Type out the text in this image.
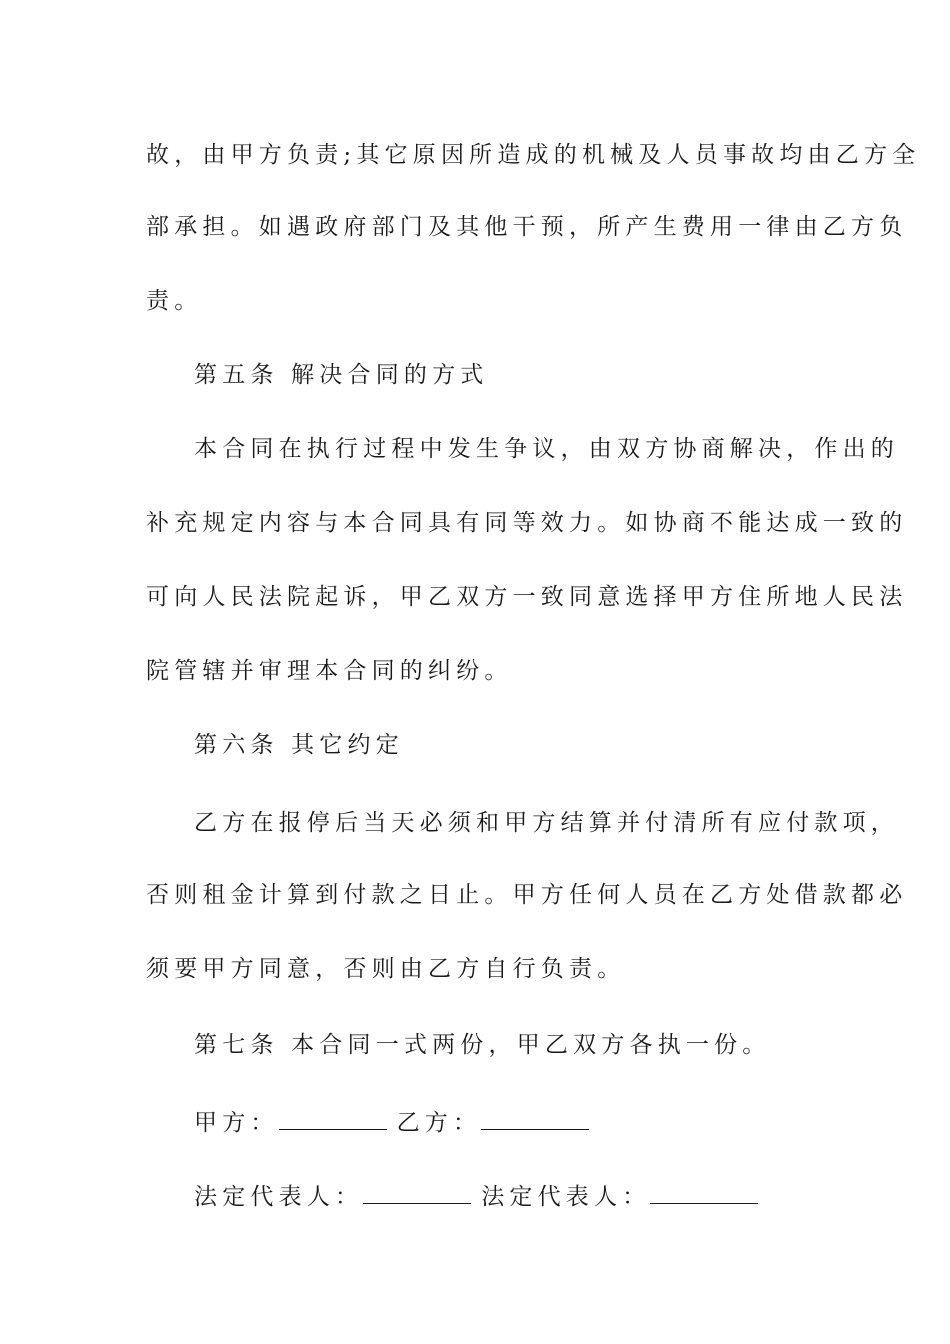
故，由甲方负责;其它原因所造成的机械及人员事故均由乙方全
部承担。如遇政府部门及其他干预，所产生费用一律由乙方负
责。
第五条 解决合同的方式
本合同在执行过程中发生争议，由双方协商解决，作出的
补充规定内容与本合同具有同等效力。如协商不能达成一致的
可向人民法院起诉，甲乙双方一致同意选择甲方住所地人民法
院管辖并审理本合同的纠纷。
第六条 其它约定
乙方在报停后当天必须和甲方结算并付清所有应付款项，
否则租金计算到付款之日止。甲方任何人员在乙方处借款都必
须要甲方同意，否则由乙方自行负责。
第七条 本合同一式两份，甲乙双方各执一份。
甲方：	乙方：
法定代表人：	法定代表人：
